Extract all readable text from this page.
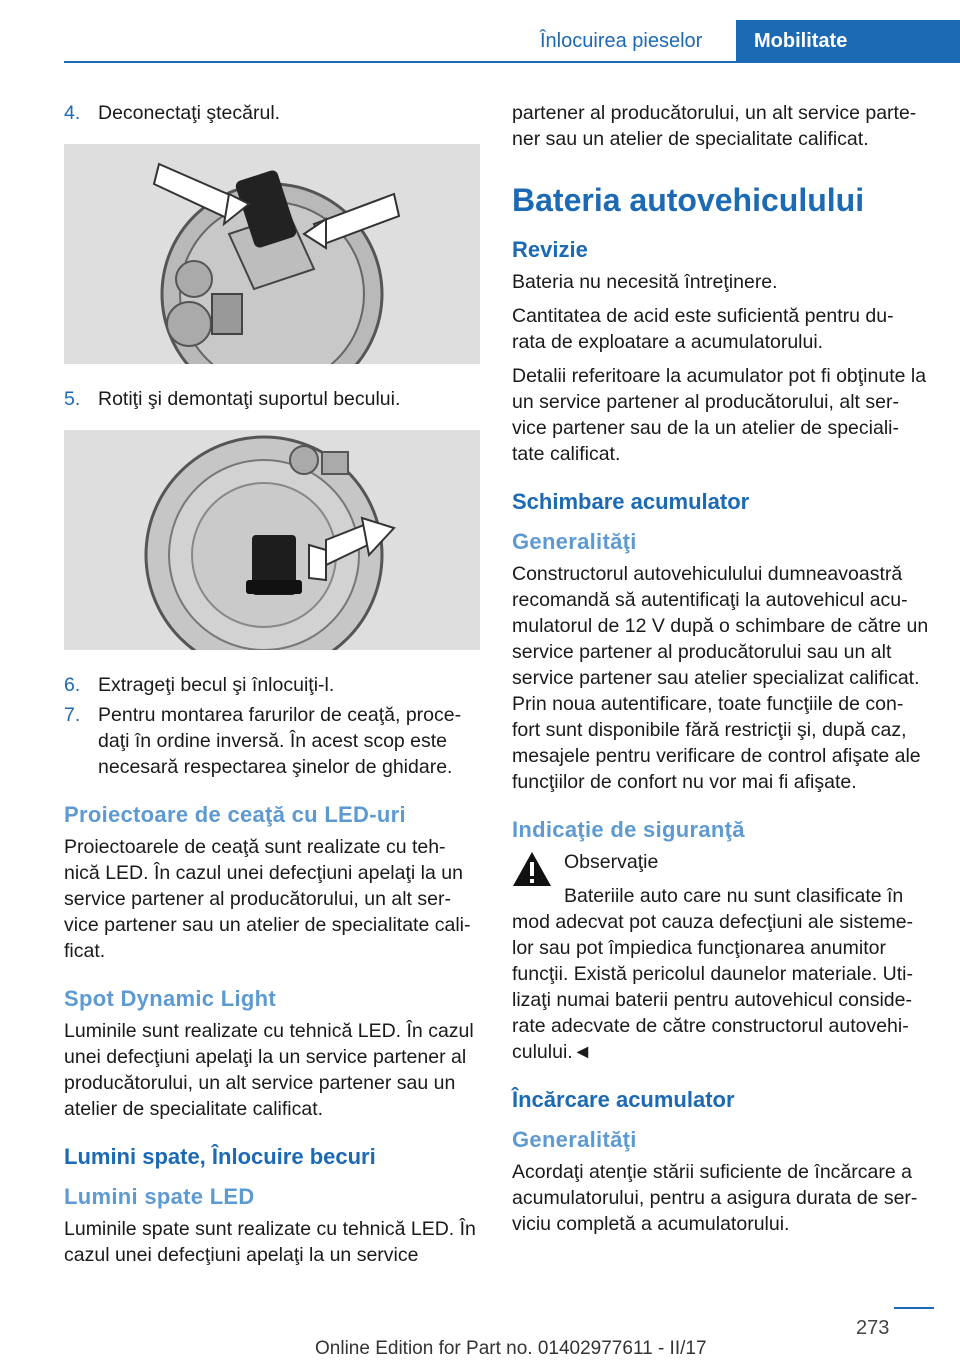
Înlocuirea pieselor	Mobilitate
4. Deconectaţi ştecărul.
5. Rotiţi şi demontaţi suportul becului.
6. Extrageţi becul şi înlocuiţi-l.
7. Pentru montarea farurilor de ceaţă, proce‐ daţi în ordine inversă. În acest scop este necesară respectarea şinelor de ghidare.
Proiectoare de ceaţă cu LED-uri

Proiectoarele de ceaţă sunt realizate cu teh‐ nică LED. În cazul unei defecţiuni apelaţi la un service partener al producătorului, un alt ser‐ vice partener sau un atelier de specialitate cali‐ ficat.

Spot Dynamic Light

Luminile sunt realizate cu tehnică LED. În cazul unei defecţiuni apelaţi la un service partener al producătorului, un alt service partener sau un atelier de specialitate calificat.

Lumini spate, Înlocuire becuri
Lumini spate LED

Luminile spate sunt realizate cu tehnică LED. În cazul unei defecţiuni apelaţi la un service

partener al producătorului, un alt service parte‐ ner sau un atelier de specialitate calificat.

Bateria autovehiculului
Revizie

Bateria nu necesită întreţinere.

Cantitatea de acid este suficientă pentru du‐ rata de exploatare a acumulatorului.

Detalii referitoare la acumulator pot fi obţinute la un service partener al producătorului, alt ser‐ vice partener sau de la un atelier de speciali‐ tate calificat.

Schimbare acumulator
Generalităţi

Constructorul autovehiculului dumneavoastră recomandă să autentificaţi la autovehicul acu‐ mulatorul de 12 V după o schimbare de către un service partener al producătorului sau un alt service partener sau atelier specializat calificat. Prin noua autentificare, toate funcţiile de con‐ fort sunt disponibile fără restricţii şi, după caz, mesajele pentru verificare de control afişate ale funcţiilor de confort nu vor mai fi afişate.

Indicaţie de siguranţă

Observaţie

Bateriile auto care nu sunt clasificate în mod adecvat pot cauza defecţiuni ale sisteme‐ lor sau pot împiedica funcţionarea anumitor funcţii. Există pericolul daunelor materiale. Uti‐ lizaţi numai baterii pentru autovehicul conside‐ rate adecvate de către constructorul autovehi‐ culului.◄

Încărcare acumulator
Generalităţi

Acordaţi atenţie stării suficiente de încărcare a acumulatorului, pentru a asigura durata de ser‐ viciu completă a acumulatorului.

273
Online Edition for Part no. 01402977611 - II/17
